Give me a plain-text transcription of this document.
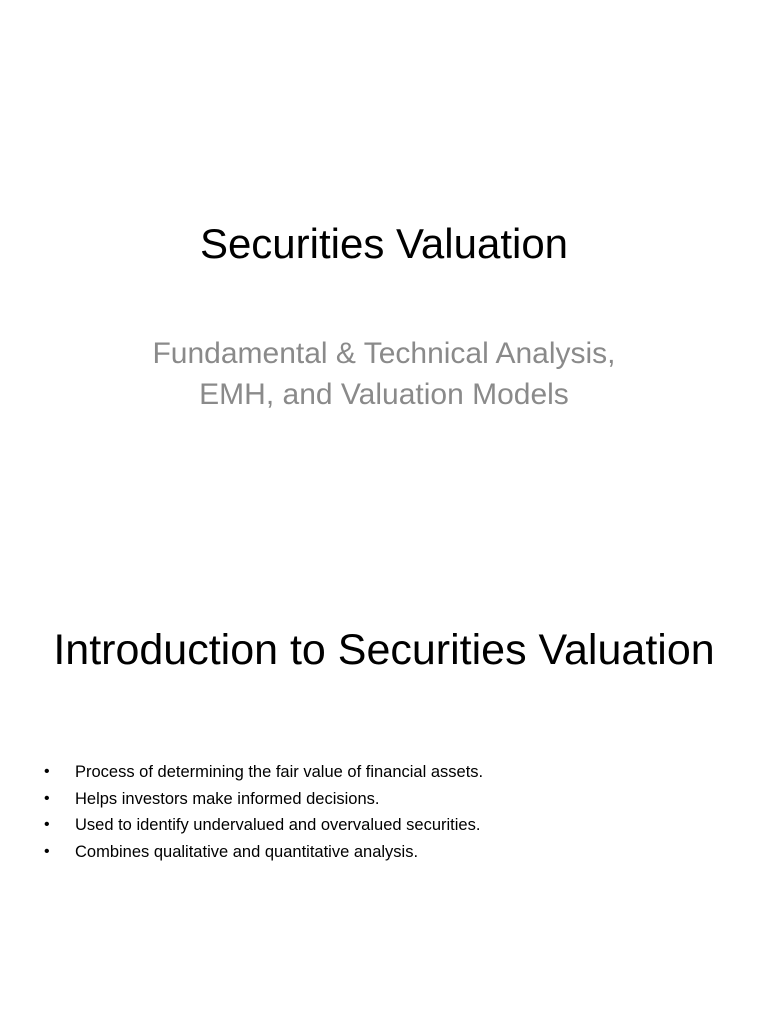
Securities Valuation
Fundamental & Technical Analysis,
EMH, and Valuation Models
Introduction to Securities Valuation
• Process of determining the fair value of financial assets.
• Helps investors make informed decisions.
• Used to identify undervalued and overvalued securities.
• Combines qualitative and quantitative analysis.
